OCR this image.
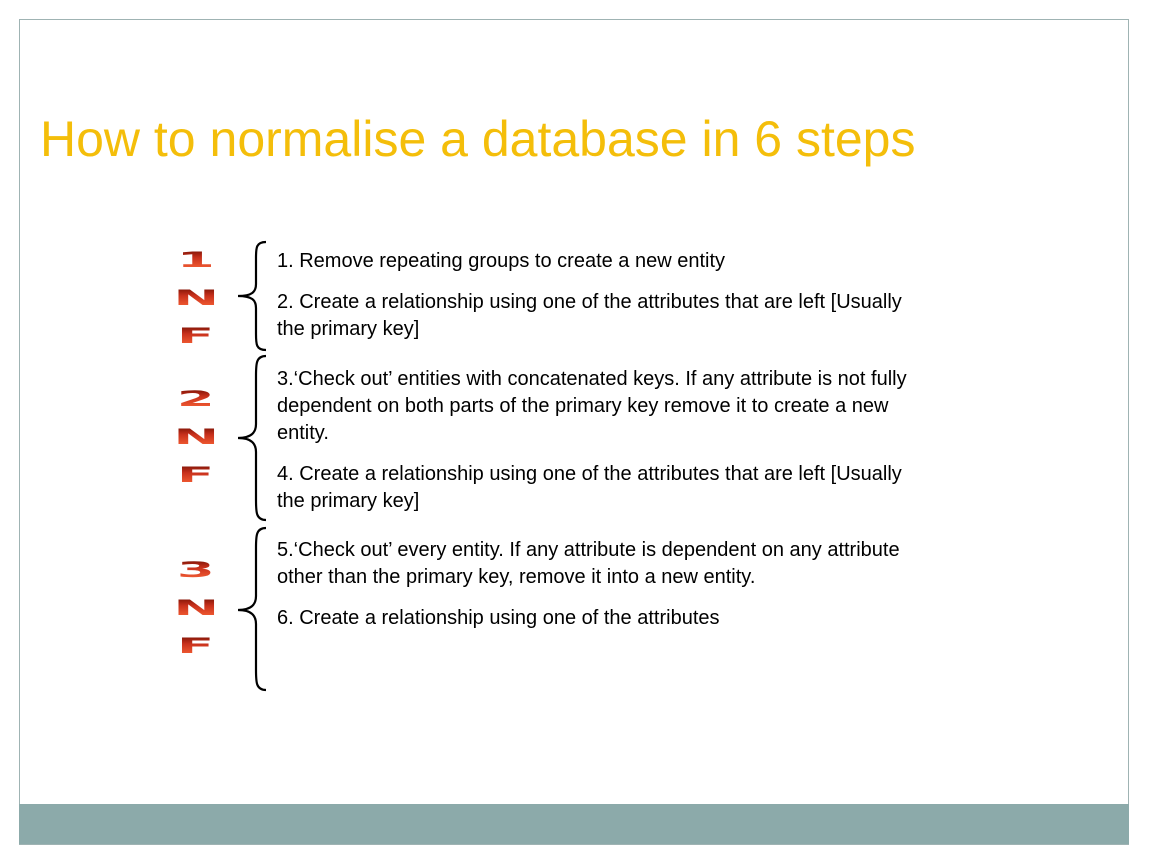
How to normalise a database in 6 steps
1
N
F

1. Remove repeating groups to create a new entity

2. Create a relationship using one of the attributes that are left [Usually the primary key]

2
N
F

3.‘Check out’ entities with concatenated keys. If any attribute is not fully dependent on both parts of the primary key remove it to create a new entity.

4. Create a relationship using one of the attributes that are left [Usually the primary key]

3
N
F

5.‘Check out’ every entity. If any attribute is dependent on any attribute other than the primary key, remove it into a new entity.

6. Create a relationship using one of the attributes
